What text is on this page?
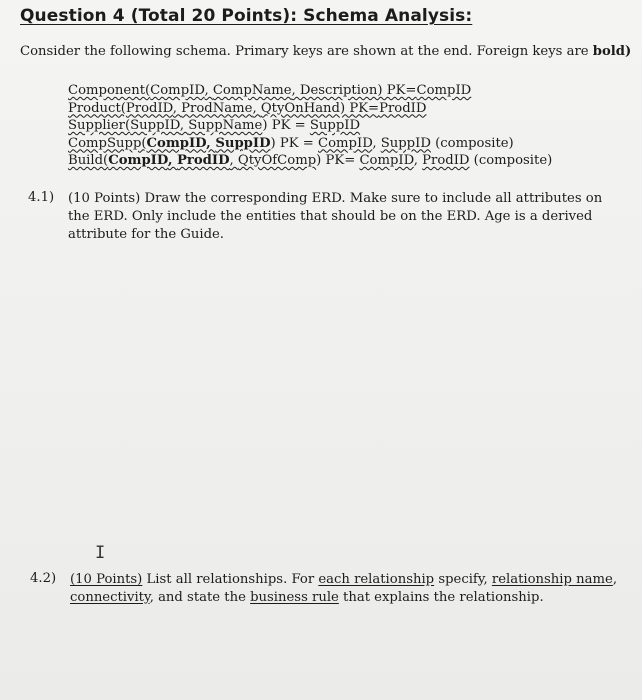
Question 4 (Total 20 Points): Schema Analysis:
Consider the following schema. Primary keys are shown at the end. Foreign keys are bold)
Component(CompID, CompName, Description) PK=CompID
Product(ProdID, ProdName, QtyOnHand) PK=ProdID
Supplier(SuppID, SuppName) PK = SuppID
CompSupp(CompID, SuppID) PK = CompID, SuppID (composite)
Build(CompID, ProdID, QtyOfComp) PK= CompID, ProdID (composite)
4.1) (10 Points) Draw the corresponding ERD. Make sure to include all attributes on the ERD. Only include the entities that should be on the ERD. Age is a derived attribute for the Guide.
I
4.2) (10 Points) List all relationships. For each relationship specify, relationship name, connectivity, and state the business rule that explains the relationship.
